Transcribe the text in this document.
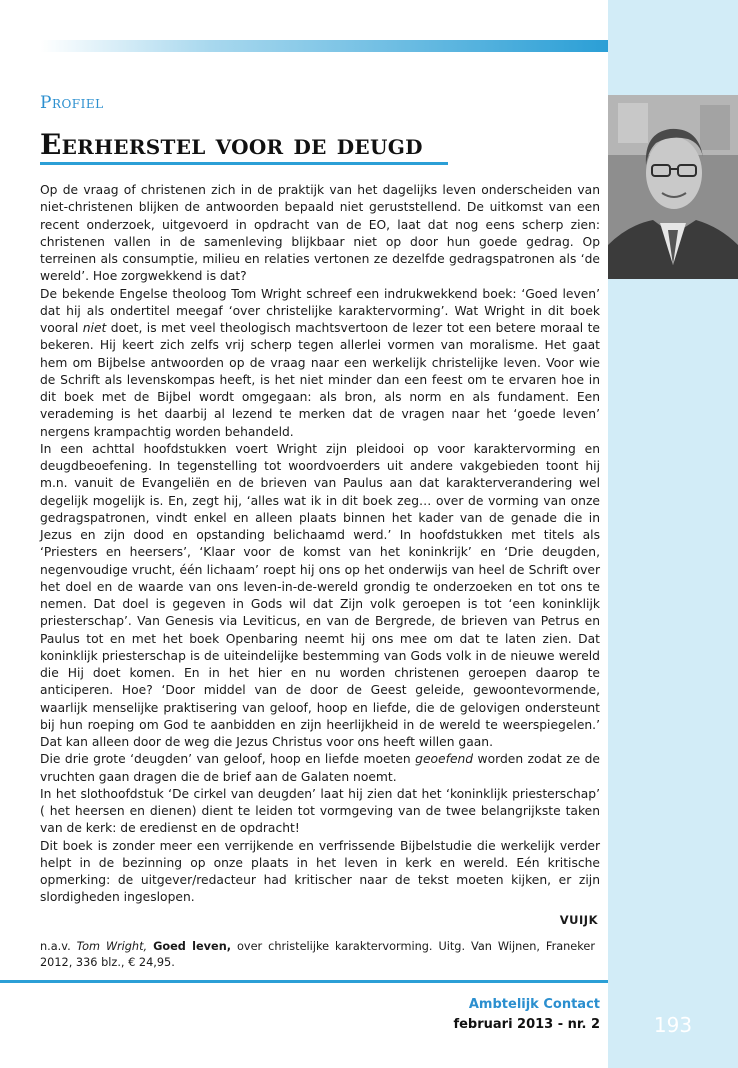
Profiel
Eerherstel voor de deugd

Op de vraag of christenen zich in de praktijk van het dagelijks leven onderscheiden van niet-christenen blijken de antwoorden bepaald niet geruststellend. De uitkomst van een recent onderzoek, uitgevoerd in opdracht van de EO, laat dat nog eens scherp zien: christenen vallen in de samenleving blijkbaar niet op door hun goede gedrag. Op terreinen als consumptie, milieu en relaties vertonen ze dezelfde gedragspatronen als ‘de wereld’. Hoe zorgwekkend is dat?

De bekende Engelse theoloog Tom Wright schreef een indrukwekkend boek: ‘Goed leven’ dat hij als ondertitel meegaf ‘over christelijke karaktervorming’. Wat Wright in dit boek vooral niet doet, is met veel theologisch machtsvertoon de lezer tot een betere moraal te bekeren. Hij keert zich zelfs vrij scherp tegen allerlei vormen van moralisme. Het gaat hem om Bijbelse antwoorden op de vraag naar een werkelijk christelijke leven. Voor wie de Schrift als levenskompas heeft, is het niet minder dan een feest om te ervaren hoe in dit boek met de Bijbel wordt omgegaan: als bron, als norm en als fundament. Een verademing is het daarbij al lezend te merken dat de vragen naar het ‘goede leven’ nergens krampachtig worden behandeld.

In een achttal hoofdstukken voert Wright zijn pleidooi op voor karaktervorming en deugdbeoefening. In tegenstelling tot woordvoerders uit andere vakgebieden toont hij m.n. vanuit de Evangeliën en de brieven van Paulus aan dat karakterverandering wel degelijk mogelijk is. En, zegt hij, ‘alles wat ik in dit boek zeg… over de vorming van onze gedragspatronen, vindt enkel en alleen plaats binnen het kader van de genade die in Jezus en zijn dood en opstanding belichaamd werd.’ In hoofdstukken met titels als ‘Priesters en heersers’, ‘Klaar voor de komst van het koninkrijk’ en ‘Drie deugden, negenvoudige vrucht, één lichaam’ roept hij ons op het onderwijs van heel de Schrift over het doel en de waarde van ons leven-in-de-wereld grondig te onderzoeken en tot ons te nemen. Dat doel is gegeven in Gods wil dat Zijn volk geroepen is tot ‘een koninklijk priesterschap’. Van Genesis via Leviticus, en van de Bergrede, de brieven van Petrus en Paulus tot en met het boek Openbaring neemt hij ons mee om dat te laten zien. Dat koninklijk priesterschap is de uiteindelijke bestemming van Gods volk in de nieuwe wereld die Hij doet komen. En in het hier en nu worden christenen geroepen daarop te anticiperen. Hoe? ‘Door middel van de door de Geest geleide, gewoontevormende, waarlijk menselijke praktisering van geloof, hoop en liefde, die de gelovigen ondersteunt bij hun roeping om God te aanbidden en zijn heerlijkheid in de wereld te weerspiegelen.’ Dat kan alleen door de weg die Jezus Christus voor ons heeft willen gaan.

Die drie grote ‘deugden’ van geloof, hoop en liefde moeten geoefend worden zodat ze de vruchten gaan dragen die de brief aan de Galaten noemt.

In het slothoofdstuk ‘De cirkel van deugden’ laat hij zien dat het ‘koninklijk priesterschap’ ( het heersen en dienen) dient te leiden tot vormgeving van de twee belangrijkste taken van de kerk: de eredienst en de opdracht!

Dit boek is zonder meer een verrijkende en verfrissende Bijbelstudie die werkelijk verder helpt in de bezinning op onze plaats in het leven in kerk en wereld. Eén kritische opmerking: de uitgever/redacteur had kritischer naar de tekst moeten kijken, er zijn slordigheden ingeslopen.

VUIJK
n.a.v. Tom Wright, Goed leven, over christelijke karaktervorming. Uitg. Van Wijnen, Franeker 2012, 336 blz., € 24,95.
Ambtelijk Contact
februari 2013 - nr. 2	193
